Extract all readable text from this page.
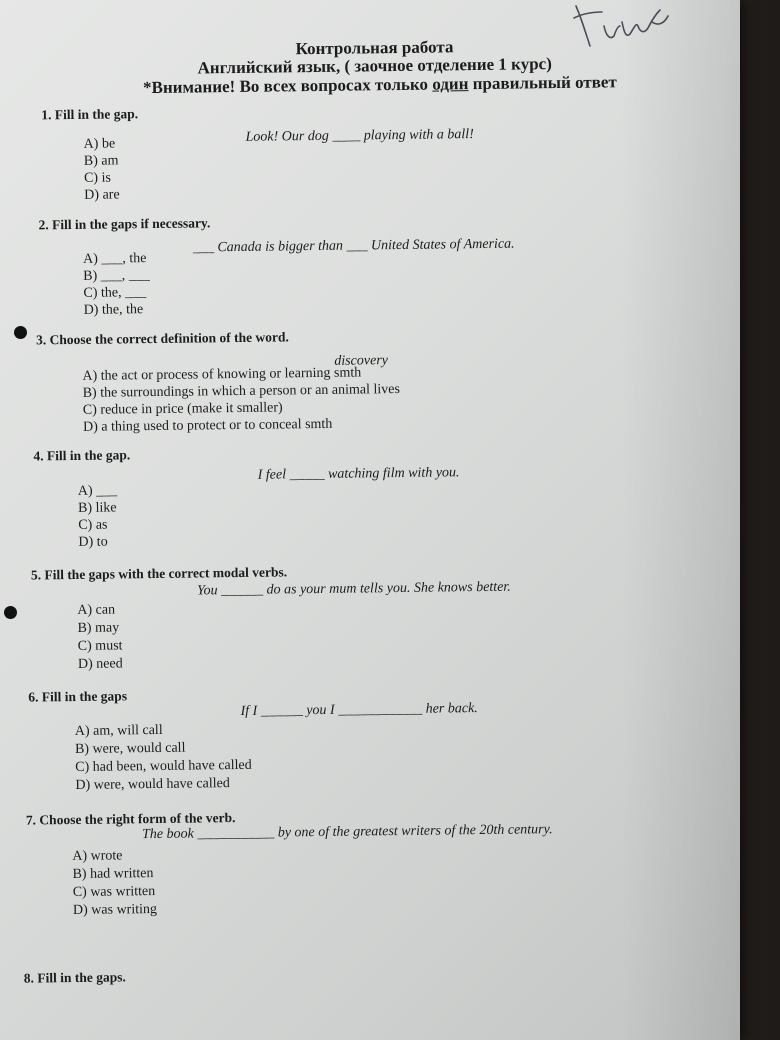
Контрольная работа
Английский язык, ( заочное отделение 1 курс)
*Внимание! Во всех вопросах только один правильный ответ
1. Fill in the gap.
Look! Our dog ____ playing with a ball!
A) be
B) am
C) is
D) are
2. Fill in the gaps if necessary.
___ Canada is bigger than ___ United States of America.
A) ___, the
B) ___, ___
C) the, ___
D) the, the
3. Choose the correct definition of the word.
discovery
A) the act or process of knowing or learning smth
B) the surroundings in which a person or an animal lives
C) reduce in price (make it smaller)
D) a thing used to protect or to conceal smth
4. Fill in the gap.
I feel _____ watching film with you.
A) ___
B) like
C) as
D) to
5. Fill the gaps with the correct modal verbs.
You ______ do as your mum tells you. She knows better.
A) can
B) may
C) must
D) need
6. Fill in the gaps
If I ______ you I ____________ her back.
A) am, will call
B) were, would call
C) had been, would have called
D) were, would have called
7. Choose the right form of the verb.
The book ___________ by one of the greatest writers of the 20th century.
A) wrote
B) had written
C) was written
D) was writing
8. Fill in the gaps.
